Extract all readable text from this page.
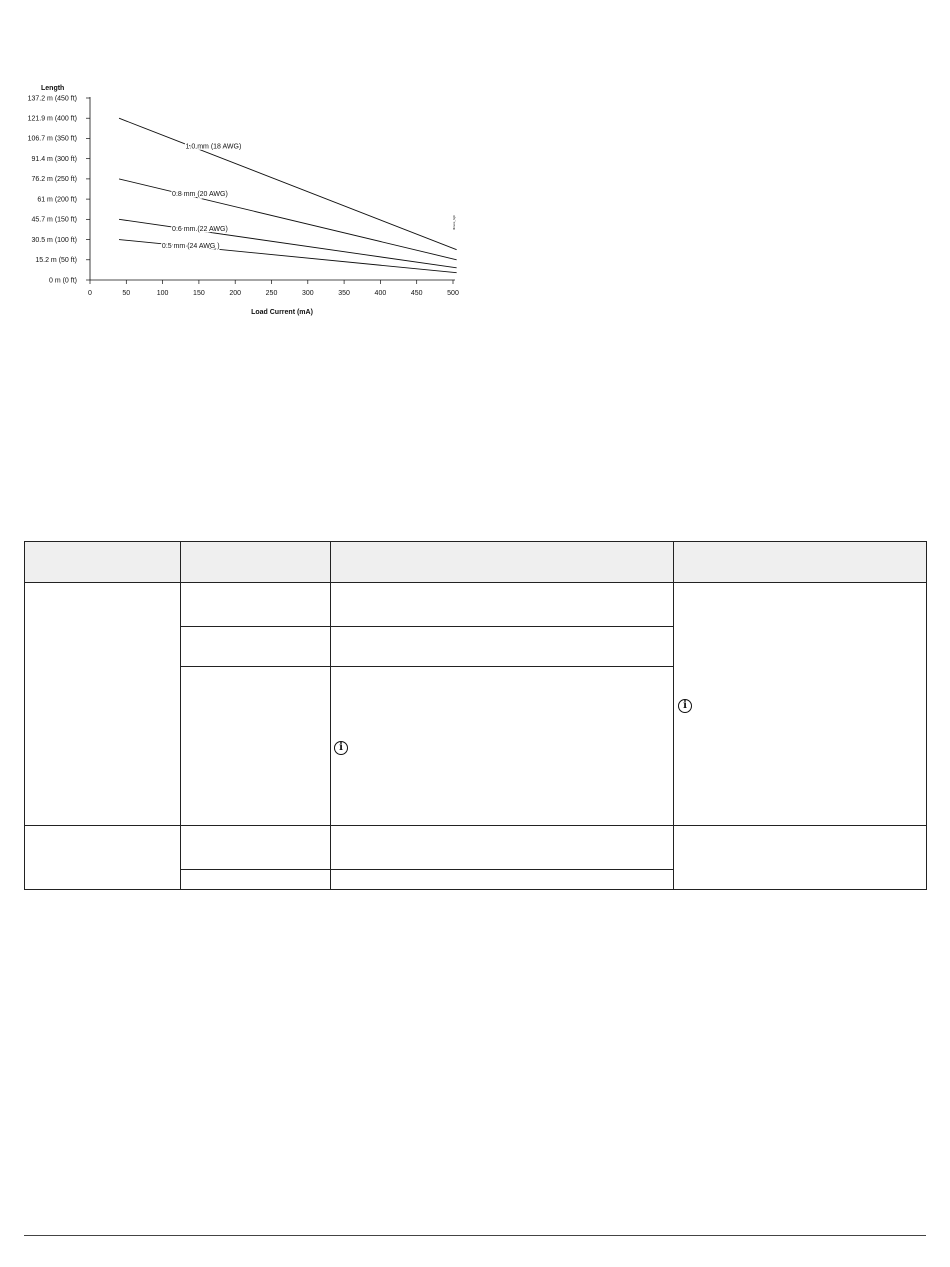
Length
Load Current (mA)
0 m (0 ft)
15.2 m (50 ft)
30.5 m (100 ft)
45.7 m (150 ft)
61 m (200 ft)
76.2 m (250 ft)
91.4 m (300 ft)
106.7 m (350 ft)
121.9 m (400 ft)
137.2 m (450 ft)
0	50	100	150	200	250	300	350	400	450	500
1.0 mm (18 AWG)
0.8 mm (20 AWG)
0.6 mm (22 AWG)
0.5 mm (24 AWG )
Illinois_hgh

			i

		i	
